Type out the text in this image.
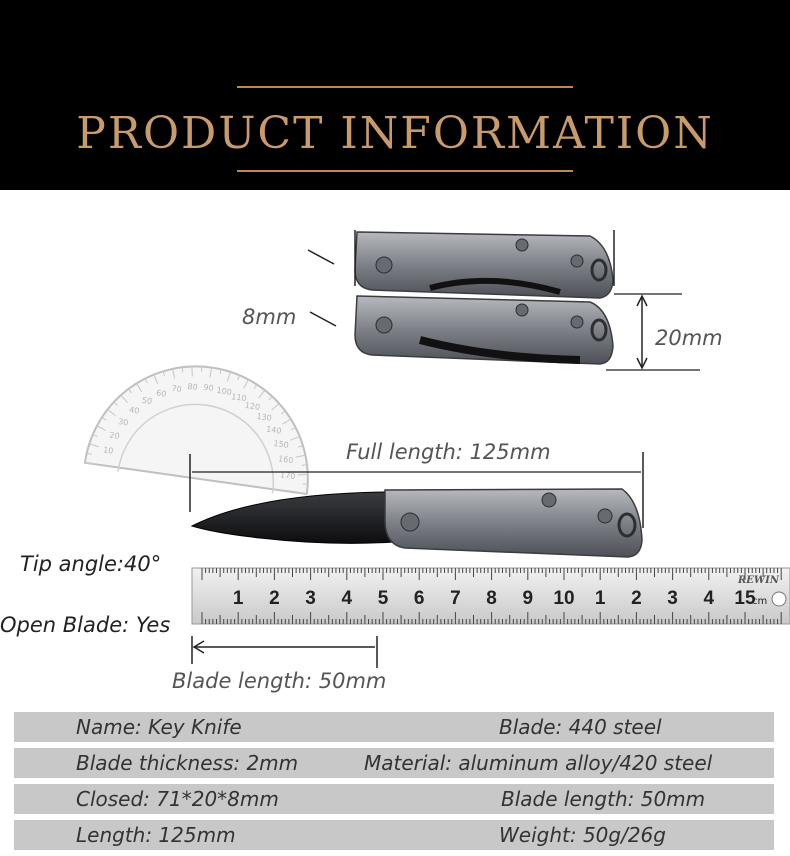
PRODUCT INFORMATION
10
20
30
40
50
60 70 80 90 100
110
120
130
140
150
160
170
1 2 3 4 5 6 7 8 9 10 1 2 3 4 15
cm
REWIN
8mm
20mm
Full length: 125mm
Tip angle:40°
Open Blade: Yes
Blade length: 50mm
Name: Key Knife	Blade: 440 steel
Blade thickness: 2mm	Material: aluminum alloy/420 steel
Closed: 71*20*8mm	Blade length: 50mm
Length: 125mm	Weight: 50g/26g
